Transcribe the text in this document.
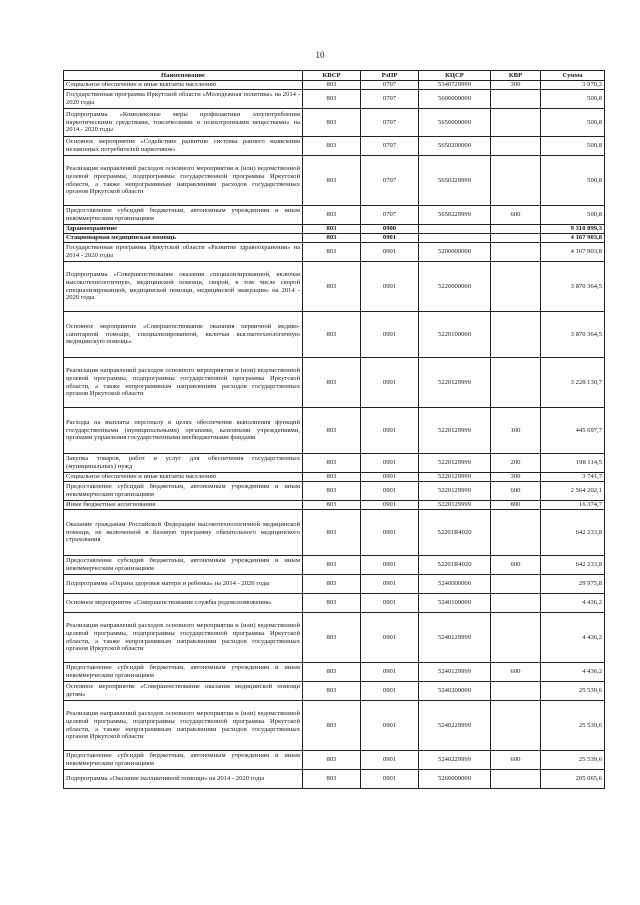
10
Наименование	КВСР	РзПР	КЦСР	КВР	Сумма
Социальное обеспечение и иные выплаты населению	803	0707	5340729999	300	3 970,2
Государственная программа Иркутской области «Молодежная политика» на 2014 - 2020 годы	803	0707	5600000000		500,8
Подпрограмма «Комплексные меры профилактики злоупотребления наркотическими средствами, токсическими и психотропными веществами» на 2014 - 2020 годы	803	0707	5650000000		500,8
Основное мероприятие «Содействие развитию системы раннего выявления незаконных потребителей наркотиков»	803	0707	5650200000		500,8
Реализация направлений расходов основного мероприятия и (или) ведомственной целевой программы, подпрограммы государственной программы Иркутской области, а также непрограммным направлениям расходов государственных органов Иркутской области	803	0707	5650229999		500,8
Предоставление субсидий бюджетным, автономным учреждениям и иным некоммерческим организациям	803	0707	5650229999	600	500,8
Здравоохранение	803	0900			9 310 899,3
Стационарная медицинская помощь	803	0901			4 167 903,8
Государственная программа Иркутской области «Развитие здравоохранения» на 2014 - 2020 годы	803	0901	5200000000		4 167 903,8
Подпрограмма «Совершенствование оказания специализированной, включая высокотехнологичную, медицинской помощи, скорой, в том числе скорой специализированной, медицинской помощи, медицинской эвакуации» на 2014 - 2020 годы	803	0901	5220000000		3 870 364,5
Основное мероприятие «Совершенствование оказания первичной медико-санитарной помощи, специализированной, включая высокотехнологичную медицинскую помощь»	803	0901	5220100000		3 870 364,5
Реализация направлений расходов основного мероприятия и (или) ведомственной целевой программы, подпрограммы государственной программы Иркутской области, а также непрограммным направлениям расходов государственных органов Иркутской области	803	0901	5220129999		3 228 130,7
Расходы на выплаты персоналу в целях обеспечения выполнения функций государственными (муниципальными) органами, казенными учреждениями, органами управления государственными внебюджетными фондами	803	0901	5220129999	100	445 697,7
Закупка товаров, работ и услуг для обеспечения государственных (муниципальных) нужд	803	0901	5220129999	200	198 114,5
Социальное обеспечение и иные выплаты населению	803	0901	5220129999	300	3 741,7
Предоставление субсидий бюджетным, автономным учреждениям и иным некоммерческим организациям	803	0901	5220129999	600	2 564 202,1
Иные бюджетные ассигнования	803	0901	5220129999	800	16 374,7
Оказание гражданам Российской Федерации высокотехнологичной медицинской помощи, не включенной в базовую программу обязательного медицинского страхования	803	0901	52201R4020		642 233,8
Предоставление субсидий бюджетным, автономным учреждениям и иным некоммерческим организациям	803	0901	52201R4020	600	642 233,8
Подпрограмма «Охрана здоровья матери и ребенка» на 2014 - 2020 годы	803	0901	5240000000		29 975,8
Основное мероприятие «Совершенствование службы родовспоможения»	803	0901	5240100000		4 436,2
Реализация направлений расходов основного мероприятия и (или) ведомственной целевой программы, подпрограммы государственной программы Иркутской области, а также непрограммным направлениям расходов государственных органов Иркутской области	803	0901	5240129999		4 436,2
Предоставление субсидий бюджетным, автономным учреждениям и иным некоммерческим организациям	803	0901	5240129999	600	4 436,2
Основное мероприятие «Совершенствование оказания медицинской помощи детям»	803	0901	5240200000		25 539,6
Реализация направлений расходов основного мероприятия и (или) ведомственной целевой программы, подпрограммы государственной программы Иркутской области, а также непрограммным направлениям расходов государственных органов Иркутской области	803	0901	5240229999		25 539,6
Предоставление субсидий бюджетным, автономным учреждениям и иным некоммерческим организациям	803	0901	5240229999	600	25 539,6
Подпрограмма «Оказание паллиативной помощи» на 2014 - 2020 годы	803	0901	5260000000		205 065,6
